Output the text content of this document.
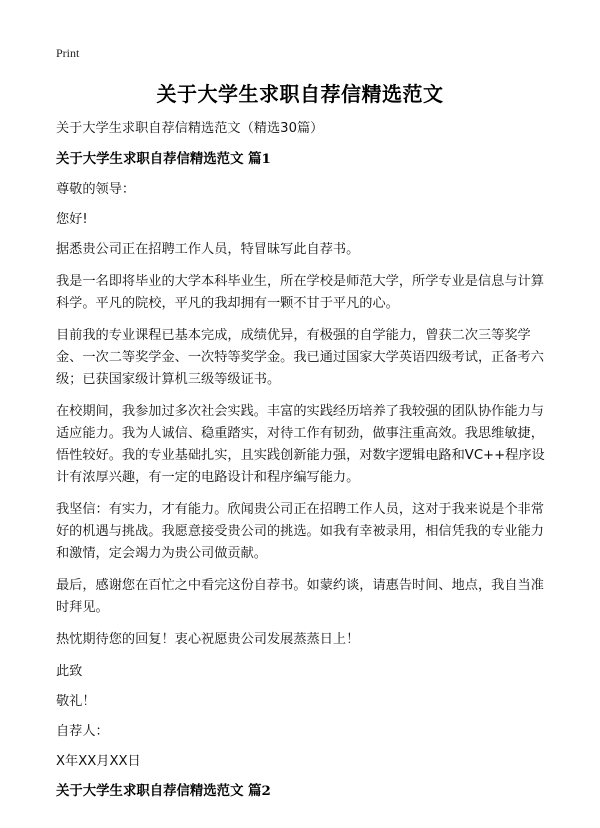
Print
关于大学生求职自荐信精选范文
关于大学生求职自荐信精选范文（精选30篇）
关于大学生求职自荐信精选范文 篇1
尊敬的领导：
您好!
据悉贵公司正在招聘工作人员，特冒昧写此自荐书。
我是一名即将毕业的大学本科毕业生，所在学校是师范大学，所学专业是信息与计算科学。平凡的院校，平凡的我却拥有一颗不甘于平凡的心。
目前我的专业课程已基本完成，成绩优异，有极强的自学能力，曾获二次三等奖学金、一次二等奖学金、一次特等奖学金。我已通过国家大学英语四级考试，正备考六级；已获国家级计算机三级等级证书。
在校期间，我参加过多次社会实践。丰富的实践经历培养了我较强的团队协作能力与适应能力。我为人诚信、稳重踏实，对待工作有韧劲，做事注重高效。我思维敏捷，悟性较好。我的专业基础扎实，且实践创新能力强，对数字逻辑电路和VC++程序设计有浓厚兴趣，有一定的电路设计和程序编写能力。
我坚信：有实力，才有能力。欣闻贵公司正在招聘工作人员，这对于我来说是个非常好的机遇与挑战。我愿意接受贵公司的挑选。如我有幸被录用，相信凭我的专业能力和激情，定会竭力为贵公司做贡献。
最后，感谢您在百忙之中看完这份自荐书。如蒙约谈，请惠告时间、地点，我自当准时拜见。
热忱期待您的回复！衷心祝愿贵公司发展蒸蒸日上！
此致
敬礼！
自荐人：
X年XX月XX日
关于大学生求职自荐信精选范文 篇2
